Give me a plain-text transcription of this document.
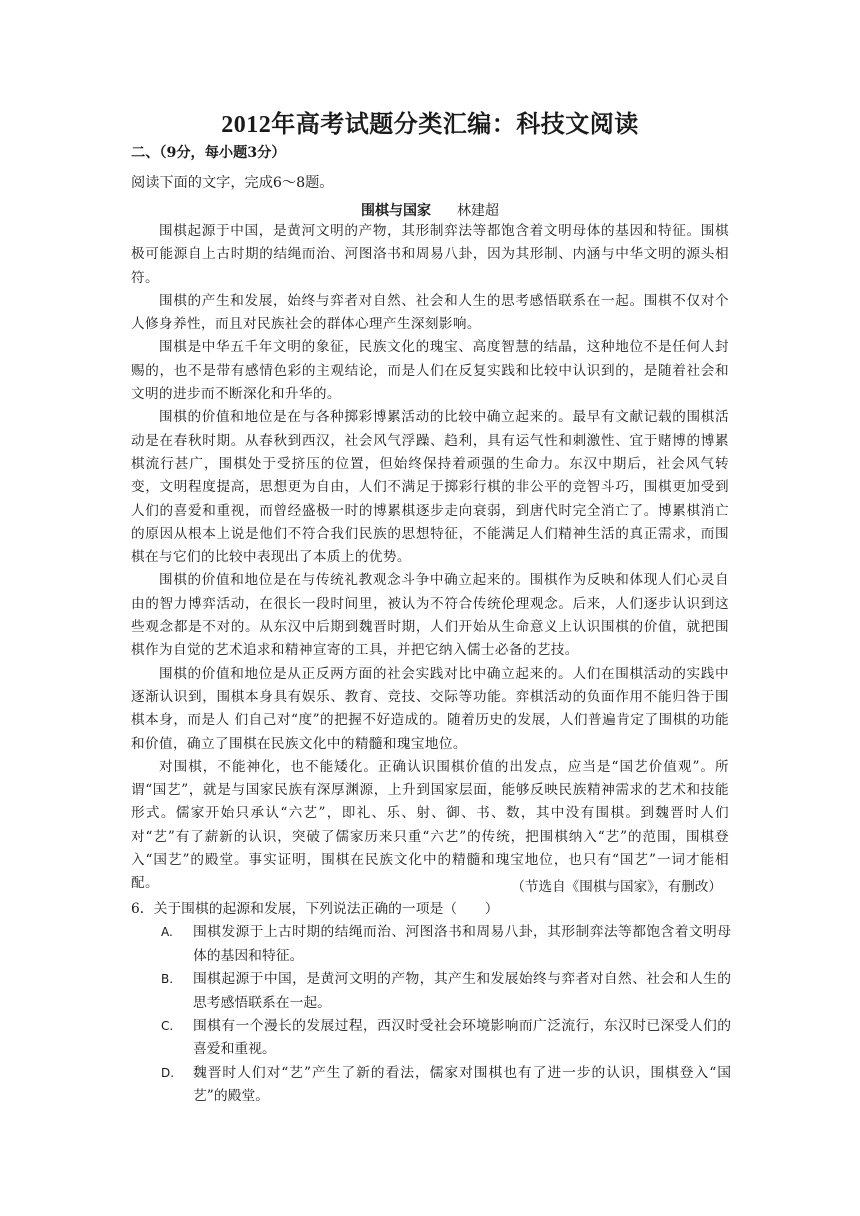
2012年高考试题分类汇编：科技文阅读
二、（9分，每小题3分）
阅读下面的文字，完成6～8题。
围棋与国家 林建超

围棋起源于中国，是黄河文明的产物，其形制弈法等都饱含着文明母体的基因和特征。围棋极可能源自上古时期的结绳而治、河图洛书和周易八卦，因为其形制、内涵与中华文明的源头相符。

围棋的产生和发展，始终与弈者对自然、社会和人生的思考感悟联系在一起。围棋不仅对个人修身养性，而且对民族社会的群体心理产生深刻影响。

围棋是中华五千年文明的象征，民族文化的瑰宝、高度智慧的结晶，这种地位不是任何人封赐的，也不是带有感情色彩的主观结论，而是人们在反复实践和比较中认识到的，是随着社会和文明的进步而不断深化和升华的。

围棋的价值和地位是在与各种掷彩博累活动的比较中确立起来的。最早有文献记载的围棋活动是在春秋时期。从春秋到西汉，社会风气浮躁、趋利，具有运气性和刺激性、宜于赌博的博累棋流行甚广，围棋处于受挤压的位置，但始终保持着顽强的生命力。东汉中期后，社会风气转变，文明程度提高，思想更为自由，人们不满足于掷彩行棋的非公平的竞智斗巧，围棋更加受到人们的喜爱和重视，而曾经盛极一时的博累棋逐步走向衰弱，到唐代时完全消亡了。博累棋消亡的原因从根本上说是他们不符合我们民族的思想特征，不能满足人们精神生活的真正需求，而围棋在与它们的比较中表现出了本质上的优势。

围棋的价值和地位是在与传统礼教观念斗争中确立起来的。围棋作为反映和体现人们心灵自由的智力博弈活动，在很长一段时间里，被认为不符合传统伦理观念。后来，人们逐步认识到这些观念都是不对的。从东汉中后期到魏晋时期，人们开始从生命意义上认识围棋的价值，就把围棋作为自觉的艺术追求和精神宣寄的工具，并把它纳入儒士必备的艺技。

围棋的价值和地位是从正反两方面的社会实践对比中确立起来的。人们在围棋活动的实践中逐渐认识到，围棋本身具有娱乐、教育、竞技、交际等功能。弈棋活动的负面作用不能归咎于围棋本身，而是人 们自己对“度”的把握不好造成的。随着历史的发展，人们普遍肯定了围棋的功能和价值，确立了围棋在民族文化中的精髓和瑰宝地位。

对围棋，不能神化，也不能矮化。正确认识围棋价值的出发点，应当是“国艺价值观”。所谓“国艺”，就是与国家民族有深厚渊源，上升到国家层面，能够反映民族精神需求的艺术和技能形式。儒家开始只承认“六艺”，即礼、乐、射、御、书、数，其中没有围棋。到魏晋时人们对“艺”有了薪新的认识，突破了儒家历来只重“六艺”的传统，把围棋纳入“艺”的范围，围棋登入“国艺”的殿堂。事实证明，围棋在民族文化中的精髓和瑰宝地位，也只有“国艺”一词才能相配。	（节选自《围棋与国家》，有删改）

6．关于围棋的起源和发展，下列说法正确的一项是（　　）

A. 围棋发源于上古时期的结绳而治、河图洛书和周易八卦，其形制弈法等都饱含着文明母体的基因和特征。

B. 围棋起源于中国，是黄河文明的产物，其产生和发展始终与弈者对自然、社会和人生的思考感悟联系在一起。

C. 围棋有一个漫长的发展过程，西汉时受社会环境影响而广泛流行，东汉时已深受人们的喜爱和重视。

D. 魏晋时人们对“艺”产生了新的看法，儒家对围棋也有了进一步的认识，围棋登入“国艺”的殿堂。
